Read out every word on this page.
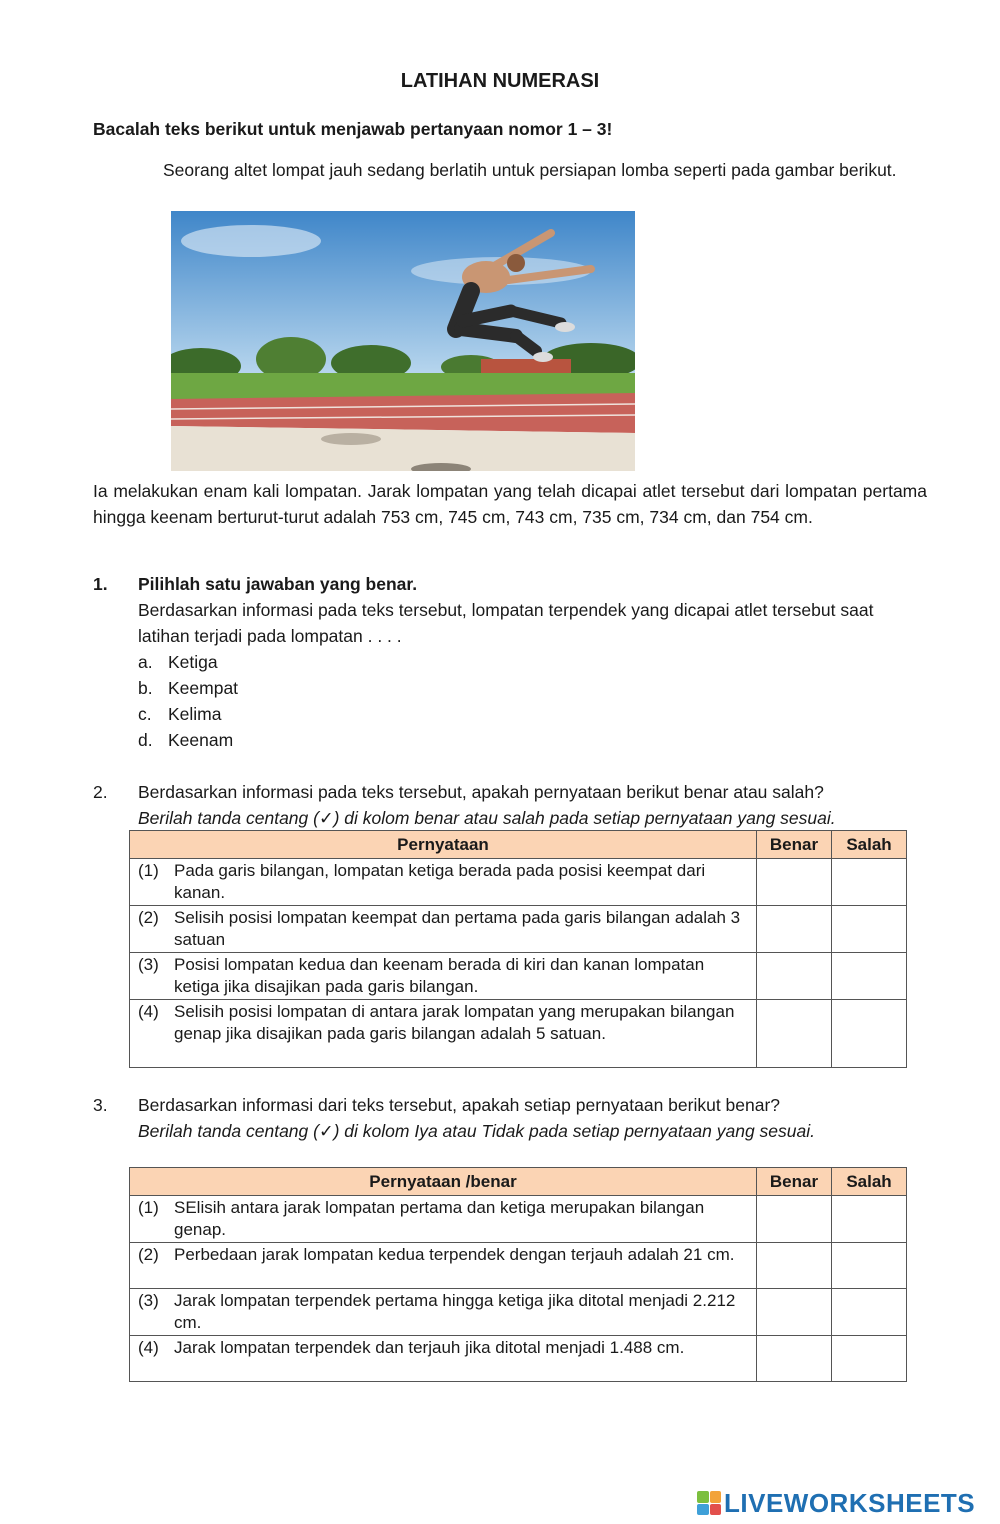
LATIHAN NUMERASI
Bacalah teks berikut untuk menjawab pertanyaan nomor 1 – 3!
Seorang altet lompat jauh sedang berlatih untuk persiapan lomba seperti pada gambar berikut.
Ia melakukan enam kali lompatan. Jarak lompatan yang telah dicapai atlet tersebut dari lompatan pertama hingga keenam berturut-turut adalah 753 cm, 745 cm, 743 cm, 735 cm, 734 cm, dan 754 cm.
1. Pilihlah satu jawaban yang benar.
Berdasarkan informasi pada teks tersebut, lompatan terpendek yang dicapai atlet tersebut saat latihan terjadi pada lompatan . . . .
a. Ketiga
b. Keempat
c. Kelima
d. Keenam
2. Berdasarkan informasi pada teks tersebut, apakah pernyataan berikut benar atau salah?
Berilah tanda centang (✓) di kolom benar atau salah pada setiap pernyataan yang sesuai.
Pernyataan	Benar	Salah

(1) Pada garis bilangan, lompatan ketiga berada pada posisi keempat dari kanan.		

(2) Selisih posisi lompatan keempat dan pertama pada garis bilangan adalah 3 satuan		

(3) Posisi lompatan kedua dan keenam berada di kiri dan kanan lompatan ketiga jika disajikan pada garis bilangan.		

(4) Selisih posisi lompatan di antara jarak lompatan yang merupakan bilangan genap jika disajikan pada garis bilangan adalah 5 satuan.		

3. Berdasarkan informasi dari teks tersebut, apakah setiap pernyataan berikut benar?
Berilah tanda centang (✓) di kolom Iya atau Tidak pada setiap pernyataan yang sesuai.
Pernyataan /benar	Benar	Salah

(1) SElisih antara jarak lompatan pertama dan ketiga merupakan bilangan genap.		

(2) Perbedaan jarak lompatan kedua terpendek dengan terjauh adalah 21 cm.		

(3) Jarak lompatan terpendek pertama hingga ketiga jika ditotal menjadi 2.212 cm.		

(4) Jarak lompatan terpendek dan terjauh jika ditotal menjadi 1.488 cm.		

LIVEWORKSHEETS
